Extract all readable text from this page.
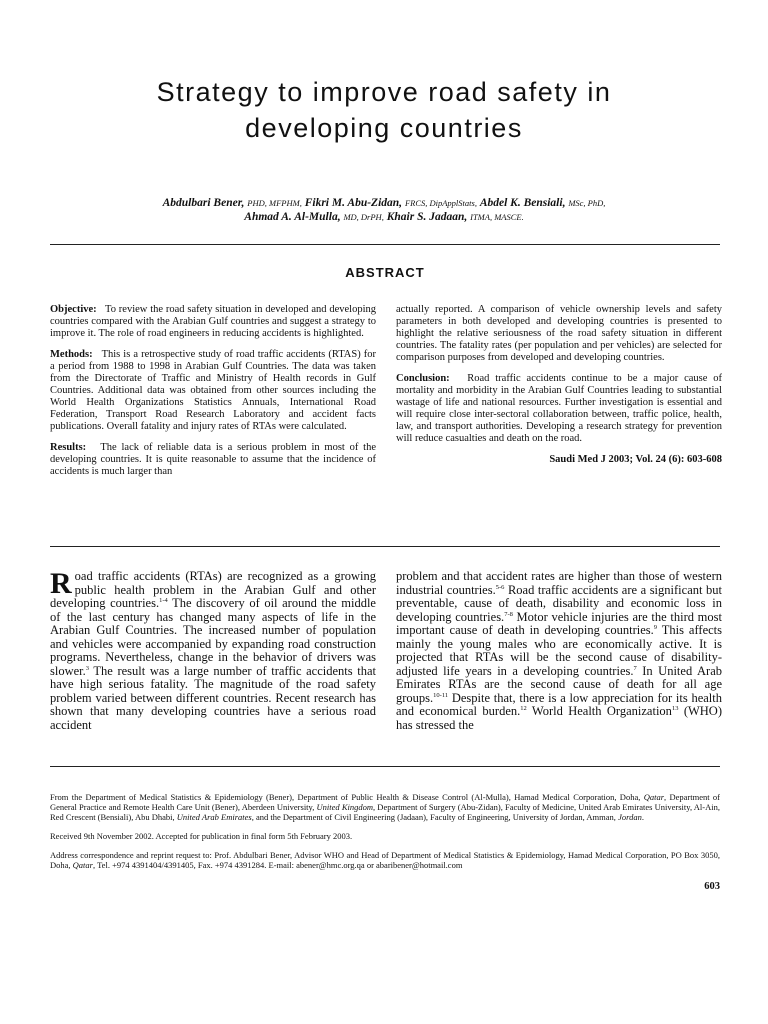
Strategy to improve road safety in
developing countries
Abdulbari Bener, PHD, MFPHM, Fikri M. Abu-Zidan, FRCS, DipApplStats, Abdel K. Bensiali, MSc, PhD,
Ahmad A. Al-Mulla, MD, DrPH, Khair S. Jadaan, ITMA, MASCE.
ABSTRACT

Objective: To review the road safety situation in developed and developing countries compared with the Arabian Gulf countries and suggest a strategy to improve it. The role of road engineers in reducing accidents is highlighted.

Methods: This is a retrospective study of road traffic accidents (RTAS) for a period from 1988 to 1998 in Arabian Gulf Countries. The data was taken from the Directorate of Traffic and Ministry of Health records in Gulf Countries. Additional data was obtained from other sources including the World Health Organizations Statistics Annuals, International Road Federation, Transport Road Research Laboratory and accident facts publications. Overall fatality and injury rates of RTAs were calculated.

Results: The lack of reliable data is a serious problem in most of the developing countries. It is quite reasonable to assume that the incidence of accidents is much larger than

actually reported. A comparison of vehicle ownership levels and safety parameters in both developed and developing countries is presented to highlight the relative seriousness of the road safety situation in different countries. The fatality rates (per population and per vehicles) are selected for comparison purposes from developed and developing countries.

Conclusion: Road traffic accidents continue to be a major cause of mortality and morbidity in the Arabian Gulf Countries leading to substantial wastage of life and national resources. Further investigation is essential and will require close inter-sectoral collaboration between, traffic police, health, law, and transport authorities. Developing a research strategy for prevention will reduce casualties and death on the road.

Saudi Med J 2003; Vol. 24 (6): 603-608

Road traffic accidents (RTAs) are recognized as a growing public health problem in the Arabian Gulf and other developing countries.$^{1-4}$ The discovery of oil around the middle of the last century has changed many aspects of life in the Arabian Gulf Countries. The increased number of population and vehicles were accompanied by expanding road construction programs. Nevertheless, change in the behavior of drivers was slower.$^3$ The result was a large number of traffic accidents that have high serious fatality. The magnitude of the road safety problem varied between different countries. Recent research has shown that many developing countries have a serious road accident

problem and that accident rates are higher than those of western industrial countries.$^{5-6}$ Road traffic accidents are a significant but preventable, cause of death, disability and economic loss in developing countries.$^{7-8}$ Motor vehicle injuries are the third most important cause of death in developing countries.$^9$ This affects mainly the young males who are economically active. It is projected that RTAs will be the second cause of disability-adjusted life years in a developing countries.$^7$ In United Arab Emirates RTAs are the second cause of death for all age groups.$^{10-11}$ Despite that, there is a low appreciation for its health and economical burden.$^{12}$ World Health Organization$^{13}$ (WHO) has stressed the

From the Department of Medical Statistics & Epidemiology (Bener), Department of Public Health & Disease Control (Al-Mulla), Hamad Medical Corporation, Doha, Qatar, Department of General Practice and Remote Health Care Unit (Bener), Aberdeen University, United Kingdom, Department of Surgery (Abu-Zidan), Faculty of Medicine, United Arab Emirates University, Al-Ain, Red Crescent (Bensiali), Abu Dhabi, United Arab Emirates, and the Department of Civil Engineering (Jadaan), Faculty of Engineering, University of Jordan, Amman, Jordan.

Received 9th November 2002. Accepted for publication in final form 5th February 2003.

Address correspondence and reprint request to: Prof. Abdulbari Bener, Advisor WHO and Head of Department of Medical Statistics & Epidemiology, Hamad Medical Corporation, PO Box 3050, Doha, Qatar, Tel. +974 4391404/4391405, Fax. +974 4391284. E-mail: abener@hmc.org.qa or abaribener@hotmail.com

603
